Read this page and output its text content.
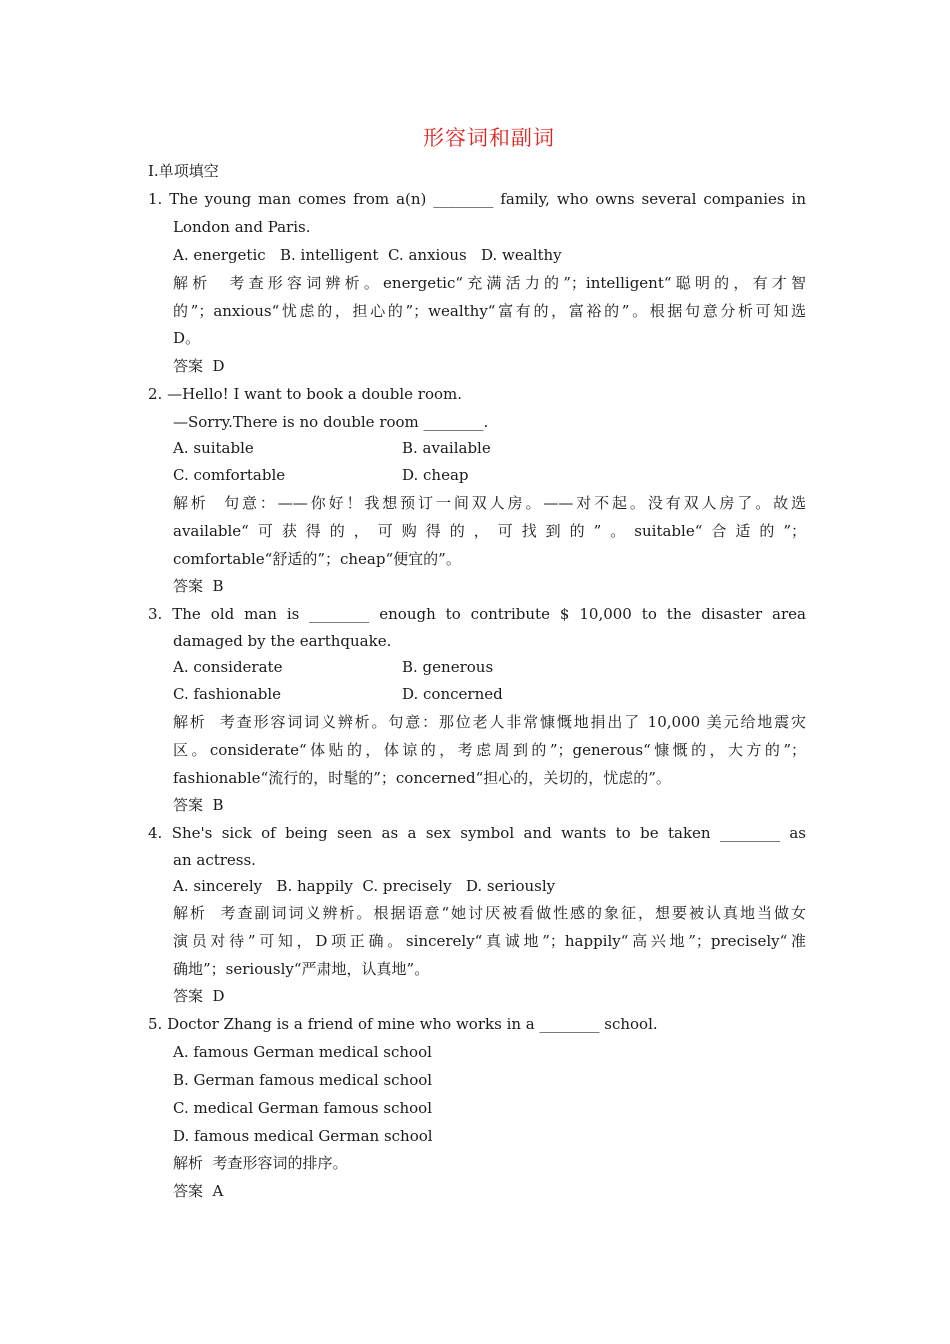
形容词和副词
Ⅰ.单项填空
1. The young man comes from a(n) ________ family, who owns several companies in
London and Paris.
A. energetic   B. intelligent  C. anxious   D. wealthy
解析  考查形容词辨析。energetic“充满活力的”；intelligent“聪明的，有才智
的”；anxious“忧虑的，担心的”；wealthy“富有的，富裕的”。根据句意分析可知选
D。
答案  D
2. —Hello! I want to book a double room.
—Sorry.There is no double room ________.
A. suitable	B. available
C. comfortable	D. cheap
解析  句意：——你好！我想预订一间双人房。——对不起。没有双人房了。故选
available“可获得的，可购得的，可找到的”。suitable“合适的”；
comfortable“舒适的”；cheap“便宜的”。
答案  B
3. The old man is ________ enough to contribute $ 10,000 to the disaster area
damaged by the earthquake.
A. considerate	B. generous
C. fashionable	D. concerned
解析  考查形容词词义辨析。句意：那位老人非常慷慨地捐出了 10,000 美元给地震灾
区。considerate“体贴的，体谅的，考虑周到的”；generous“慷慨的，大方的”；
fashionable“流行的，时髦的”；concerned“担心的，关切的，忧虑的”。
答案  B
4. She's sick of being seen as a sex symbol and wants to be taken ________ as
an actress.
A. sincerely   B. happily  C. precisely   D. seriously
解析  考查副词词义辨析。根据语意“她讨厌被看做性感的象征，想要被认真地当做女
演员对待”可知，D项正确。sincerely“真诚地”；happily“高兴地”；precisely“准
确地”；seriously“严肃地，认真地”。
答案  D
5. Doctor Zhang is a friend of mine who works in a ________ school.
A. famous German medical school
B. German famous medical school
C. medical German famous school
D. famous medical German school
解析  考查形容词的排序。
答案  A
